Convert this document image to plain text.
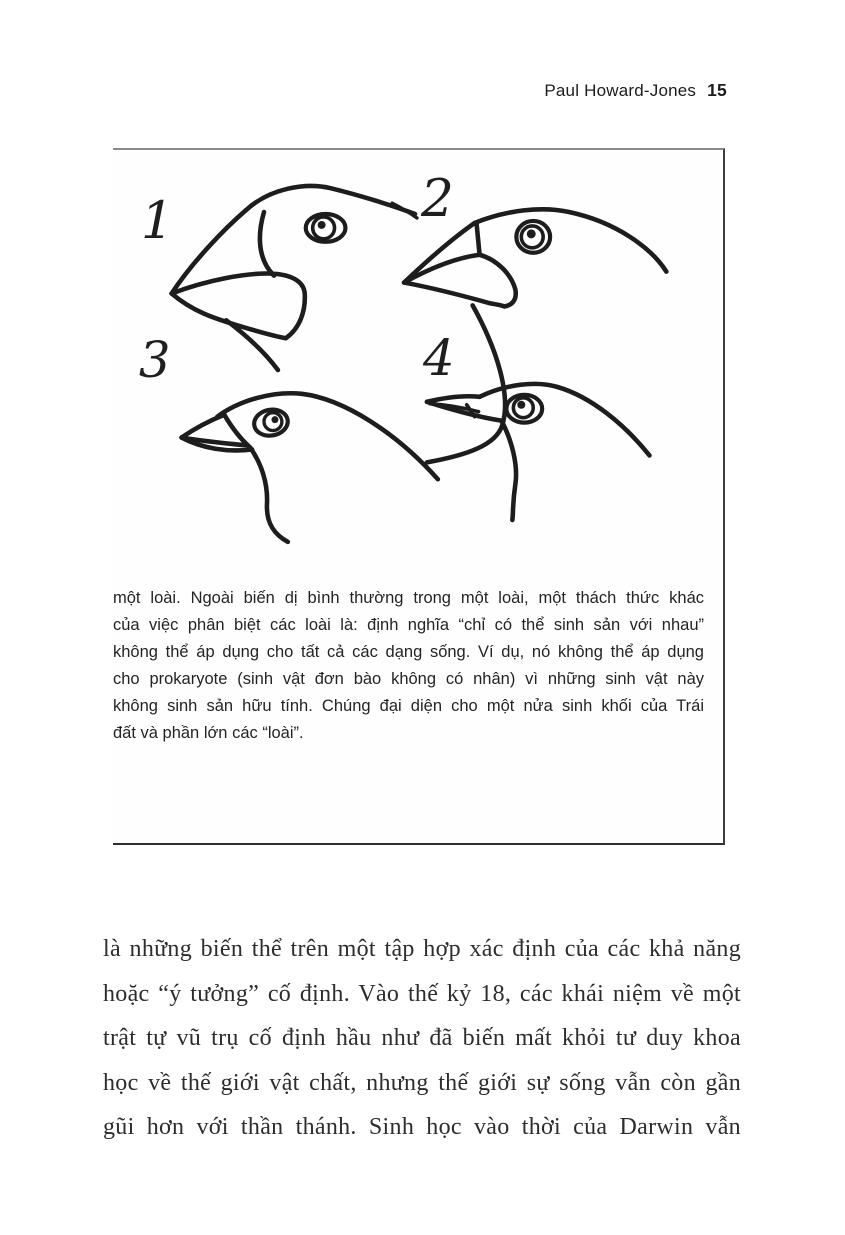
Paul Howard-Jones 15
1	2
3	4
một loài. Ngoài biến dị bình thường trong một loài, một thách thức khác
của việc phân biệt các loài là: định nghĩa “chỉ có thể sinh sản với nhau”
không thể áp dụng cho tất cả các dạng sống. Ví dụ, nó không thể áp dụng
cho prokaryote (sinh vật đơn bào không có nhân) vì những sinh vật này
không sinh sản hữu tính. Chúng đại diện cho một nửa sinh khối của Trái
đất và phần lớn các “loài”.
là những biến thể trên một tập hợp xác định của các khả năng
hoặc “ý tưởng” cố định. Vào thế kỷ 18, các khái niệm về một
trật tự vũ trụ cố định hầu như đã biến mất khỏi tư duy khoa
học về thế giới vật chất, nhưng thế giới sự sống vẫn còn gần
gũi hơn với thần thánh. Sinh học vào thời của Darwin vẫn
